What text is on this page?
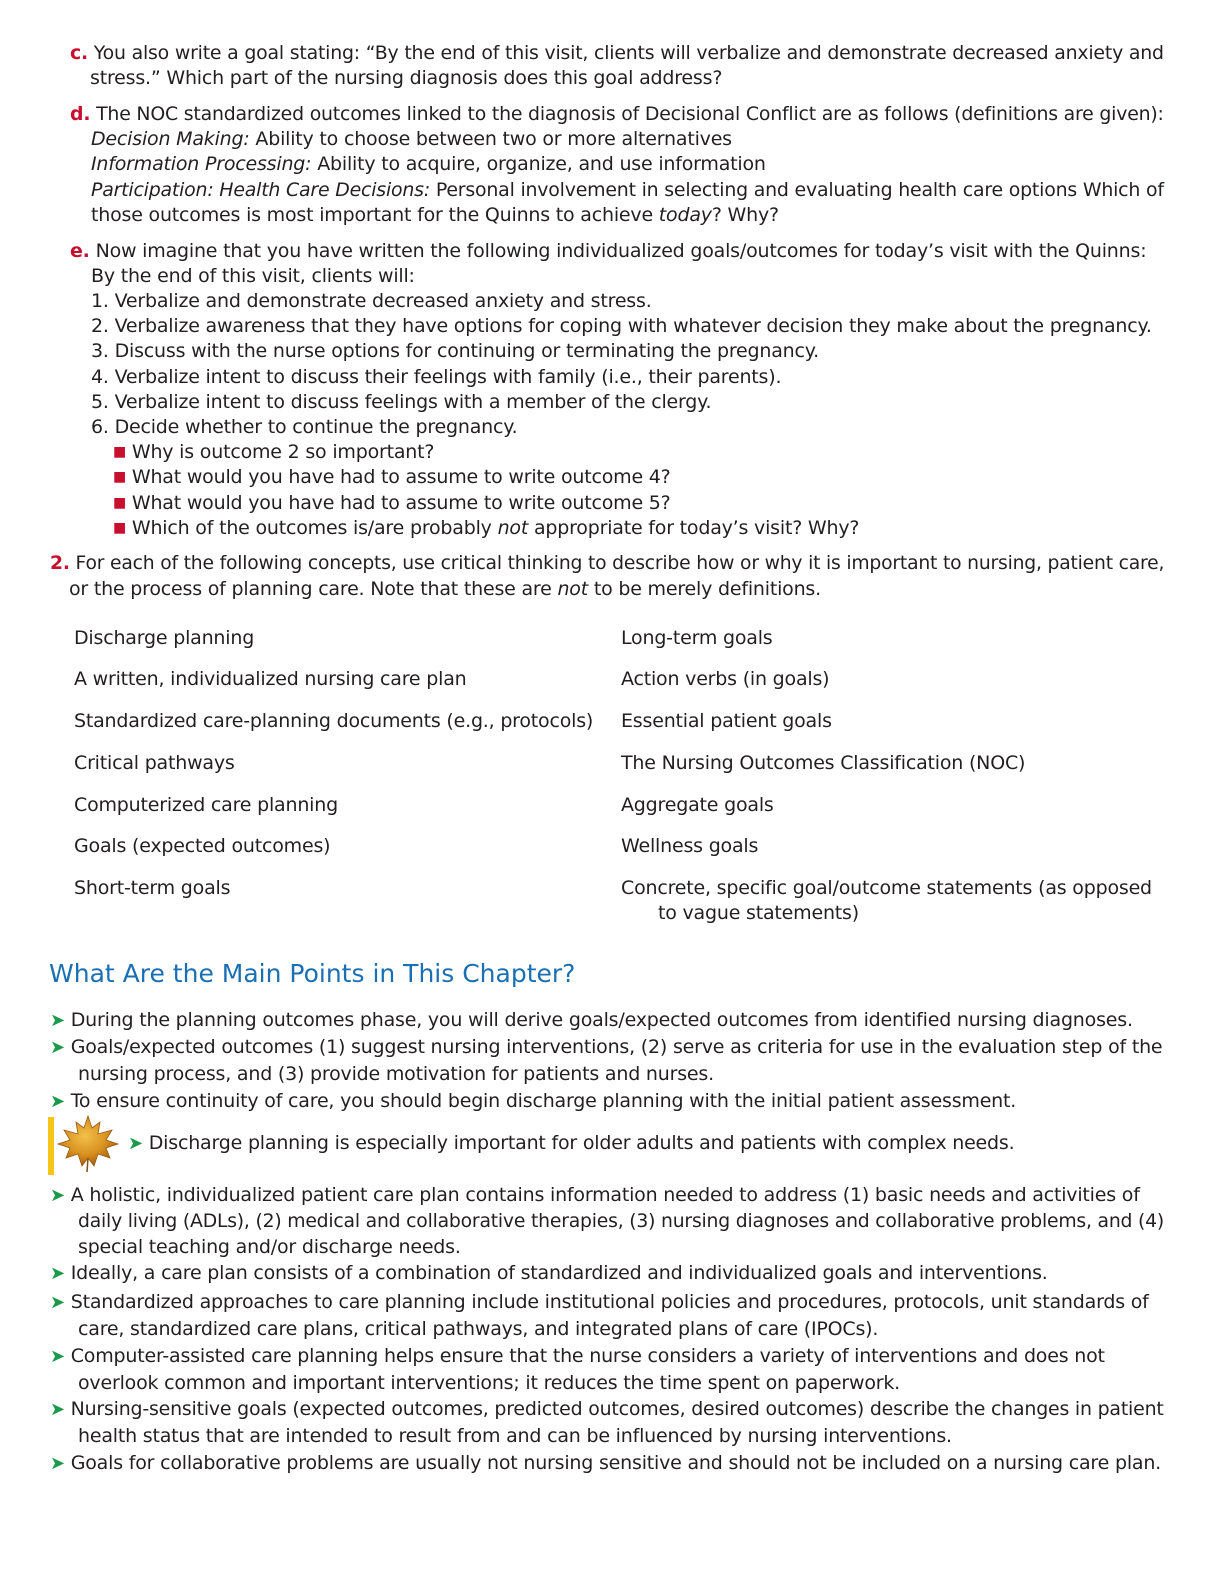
c. You also write a goal stating: “By the end of this visit, clients will verbalize and demonstrate decreased anxiety and
stress.” Which part of the nursing diagnosis does this goal address?
d. The NOC standardized outcomes linked to the diagnosis of Decisional Conflict are as follows (definitions are given):
Decision Making: Ability to choose between two or more alternatives
Information Processing: Ability to acquire, organize, and use information
Participation: Health Care Decisions: Personal involvement in selecting and evaluating health care options Which of
those outcomes is most important for the Quinns to achieve today? Why?
e. Now imagine that you have written the following individualized goals/outcomes for today’s visit with the Quinns:
By the end of this visit, clients will:
1. Verbalize and demonstrate decreased anxiety and stress.
2. Verbalize awareness that they have options for coping with whatever decision they make about the pregnancy.
3. Discuss with the nurse options for continuing or terminating the pregnancy.
4. Verbalize intent to discuss their feelings with family (i.e., their parents).
5. Verbalize intent to discuss feelings with a member of the clergy.
6. Decide whether to continue the pregnancy.
■ Why is outcome 2 so important?
■ What would you have had to assume to write outcome 4?
■ What would you have had to assume to write outcome 5?
■ Which of the outcomes is/are probably not appropriate for today’s visit? Why?
2. For each of the following concepts, use critical thinking to describe how or why it is important to nursing, patient care,
or the process of planning care. Note that these are not to be merely definitions.
Discharge planning
A written, individualized nursing care plan
Standardized care-planning documents (e.g., protocols)
Critical pathways
Computerized care planning
Goals (expected outcomes)
Short-term goals
Long-term goals
Action verbs (in goals)
Essential patient goals
The Nursing Outcomes Classification (NOC)
Aggregate goals
Wellness goals
Concrete, specific goal/outcome statements (as opposed
to vague statements)
What Are the Main Points in This Chapter?
➤ During the planning outcomes phase, you will derive goals/expected outcomes from identified nursing diagnoses.
➤ Goals/expected outcomes (1) suggest nursing interventions, (2) serve as criteria for use in the evaluation step of the
nursing process, and (3) provide motivation for patients and nurses.
➤ To ensure continuity of care, you should begin discharge planning with the initial patient assessment.
➤ Discharge planning is especially important for older adults and patients with complex needs.
➤ A holistic, individualized patient care plan contains information needed to address (1) basic needs and activities of
daily living (ADLs), (2) medical and collaborative therapies, (3) nursing diagnoses and collaborative problems, and (4)
special teaching and/or discharge needs.
➤ Ideally, a care plan consists of a combination of standardized and individualized goals and interventions.
➤ Standardized approaches to care planning include institutional policies and procedures, protocols, unit standards of
care, standardized care plans, critical pathways, and integrated plans of care (IPOCs).
➤ Computer-assisted care planning helps ensure that the nurse considers a variety of interventions and does not
overlook common and important interventions; it reduces the time spent on paperwork.
➤ Nursing-sensitive goals (expected outcomes, predicted outcomes, desired outcomes) describe the changes in patient
health status that are intended to result from and can be influenced by nursing interventions.
➤ Goals for collaborative problems are usually not nursing sensitive and should not be included on a nursing care plan.
